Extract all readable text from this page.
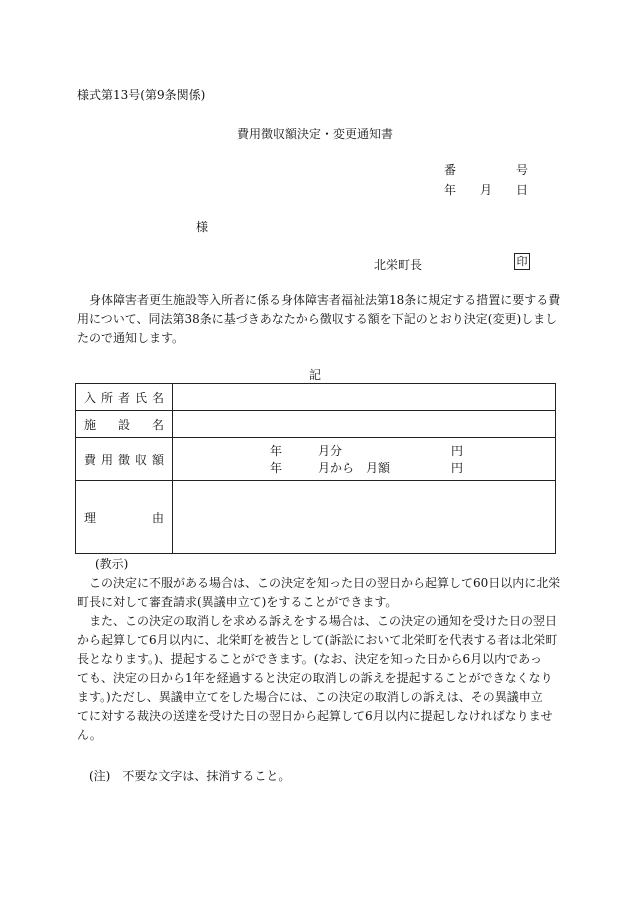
様式第13号(第9条関係)
費用徴収額決定・変更通知書
番　　　　　号
年　　月　　日
様
北栄町長	印
身体障害者更生施設等入所者に係る身体障害者福祉法第18条に規定する措置に要する費
用について、同法第38条に基づきあなたから徴収する額を下記のとおり決定(変更)しまし
たので通知します。
記
入 所 者 氏 名	

施 設 名	

費 用 徴 収 額	年　　　月分 円
年　　　月から　月額 円

理 由	

(教示)
この決定に不服がある場合は、この決定を知った日の翌日から起算して60日以内に北栄
町長に対して審査請求(異議申立て)をすることができます。
また、この決定の取消しを求める訴えをする場合は、この決定の通知を受けた日の翌日
から起算して6月以内に、北栄町を被告として(訴訟において北栄町を代表する者は北栄町
長となります。)、提起することができます。(なお、決定を知った日から6月以内であっ
ても、決定の日から1年を経過すると決定の取消しの訴えを提起することができなくなり
ます。)ただし、異議申立てをした場合には、この決定の取消しの訴えは、その異議申立
てに対する裁決の送達を受けた日の翌日から起算して6月以内に提起しなければなりませ
ん。
(注)　不要な文字は、抹消すること。
